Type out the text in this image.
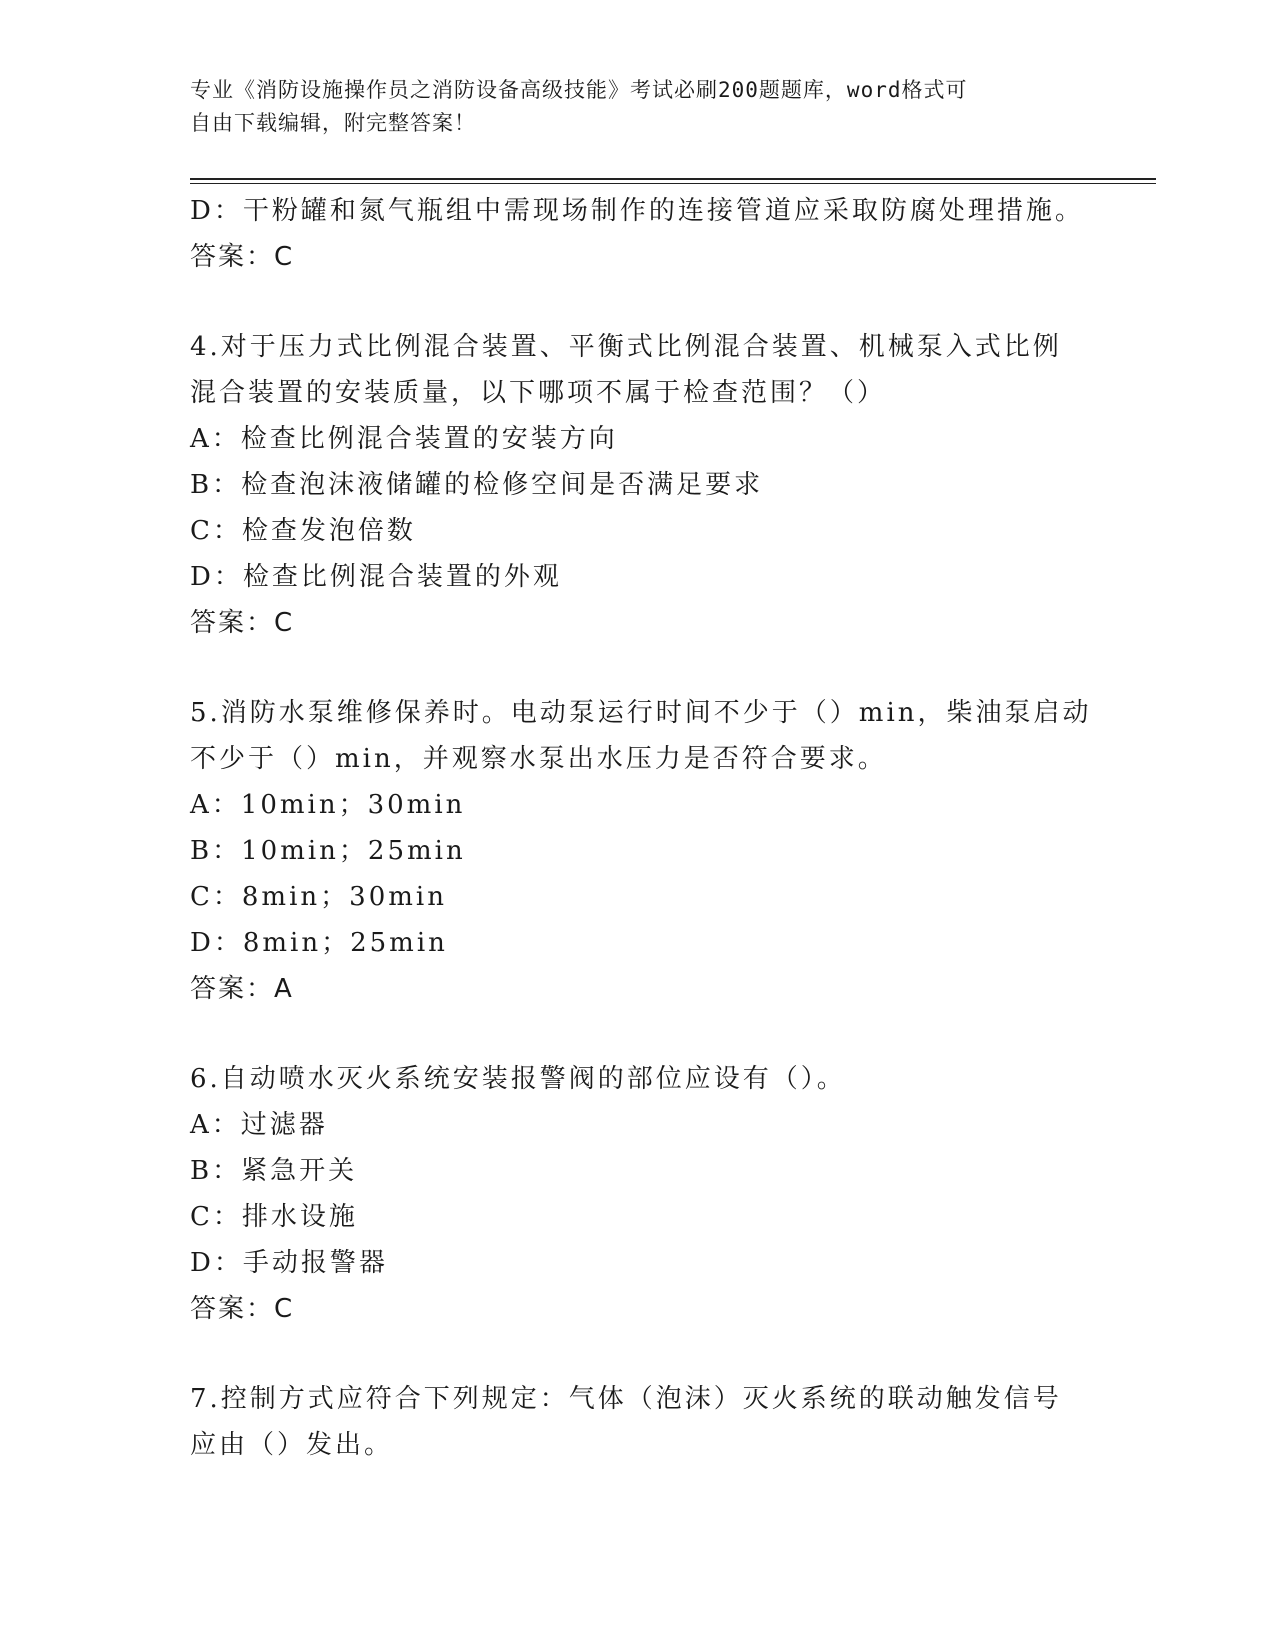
专业《消防设施操作员之消防设备高级技能》考试必刷200题题库，word格式可
自由下载编辑，附完整答案！
D：干粉罐和氮气瓶组中需现场制作的连接管道应采取防腐处理措施。
答案：C
4.对于压力式比例混合装置、平衡式比例混合装置、机械泵入式比例
混合装置的安装质量，以下哪项不属于检查范围？（）
A：检查比例混合装置的安装方向
B：检查泡沫液储罐的检修空间是否满足要求
C：检查发泡倍数
D：检查比例混合装置的外观
答案：C
5.消防水泵维修保养时。电动泵运行时间不少于（）min，柴油泵启动
不少于（）min，并观察水泵出水压力是否符合要求。
A：10min；30min
B：10min；25min
C：8min；30min
D：8min；25min
答案：A
6.自动喷水灭火系统安装报警阀的部位应设有（）。
A：过滤器
B：紧急开关
C：排水设施
D：手动报警器
答案：C
7.控制方式应符合下列规定：气体（泡沫）灭火系统的联动触发信号
应由（）发出。
